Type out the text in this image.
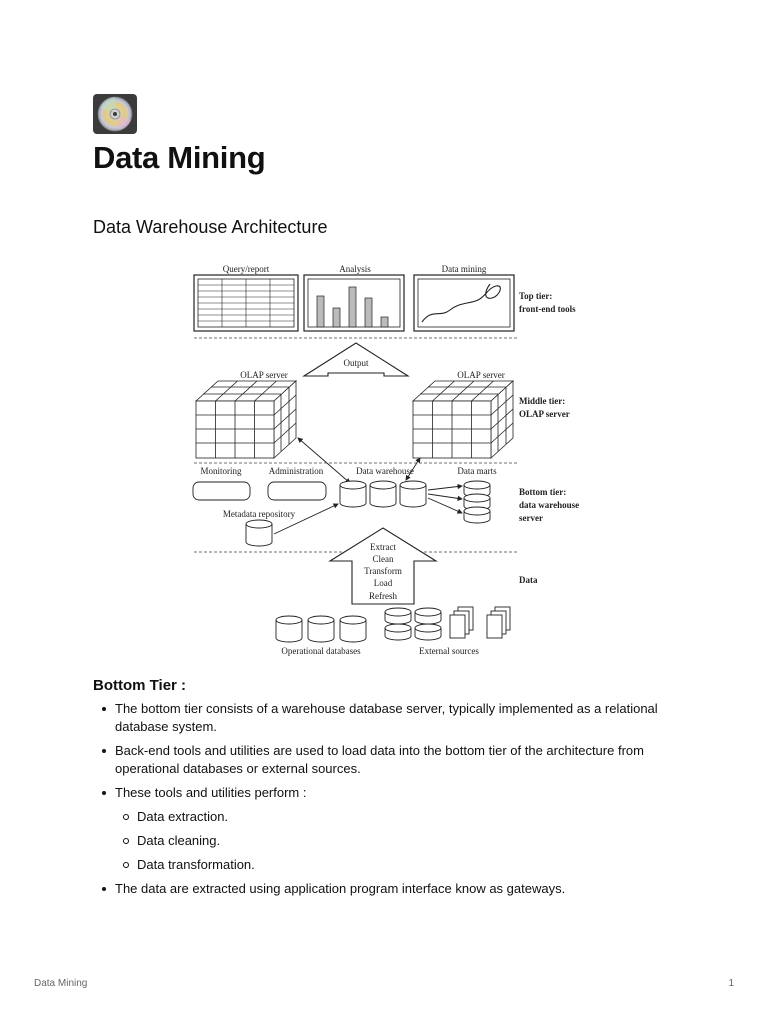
Data Mining
Data Warehouse Architecture
Query/report	Analysis	Data mining
Top tier:
front-end tools
Output
OLAP server	OLAP server
Middle tier:
OLAP server
Monitoring	Administration	Data warehouse	Data marts
Metadata repository
Bottom tier:
data warehouse
server
Extract
Clean
Transform
Load
Refresh
Data
Operational databases	External sources
Bottom Tier :
The bottom tier consists of a warehouse database server, typically implemented as a relational database system.
Back-end tools and utilities are used to load data into the bottom tier of the architecture from operational databases or external sources.
These tools and utilities perform :
Data extraction.
Data cleaning.
Data transformation.
The data are extracted using application program interface know as gateways.
Data Mining	1
